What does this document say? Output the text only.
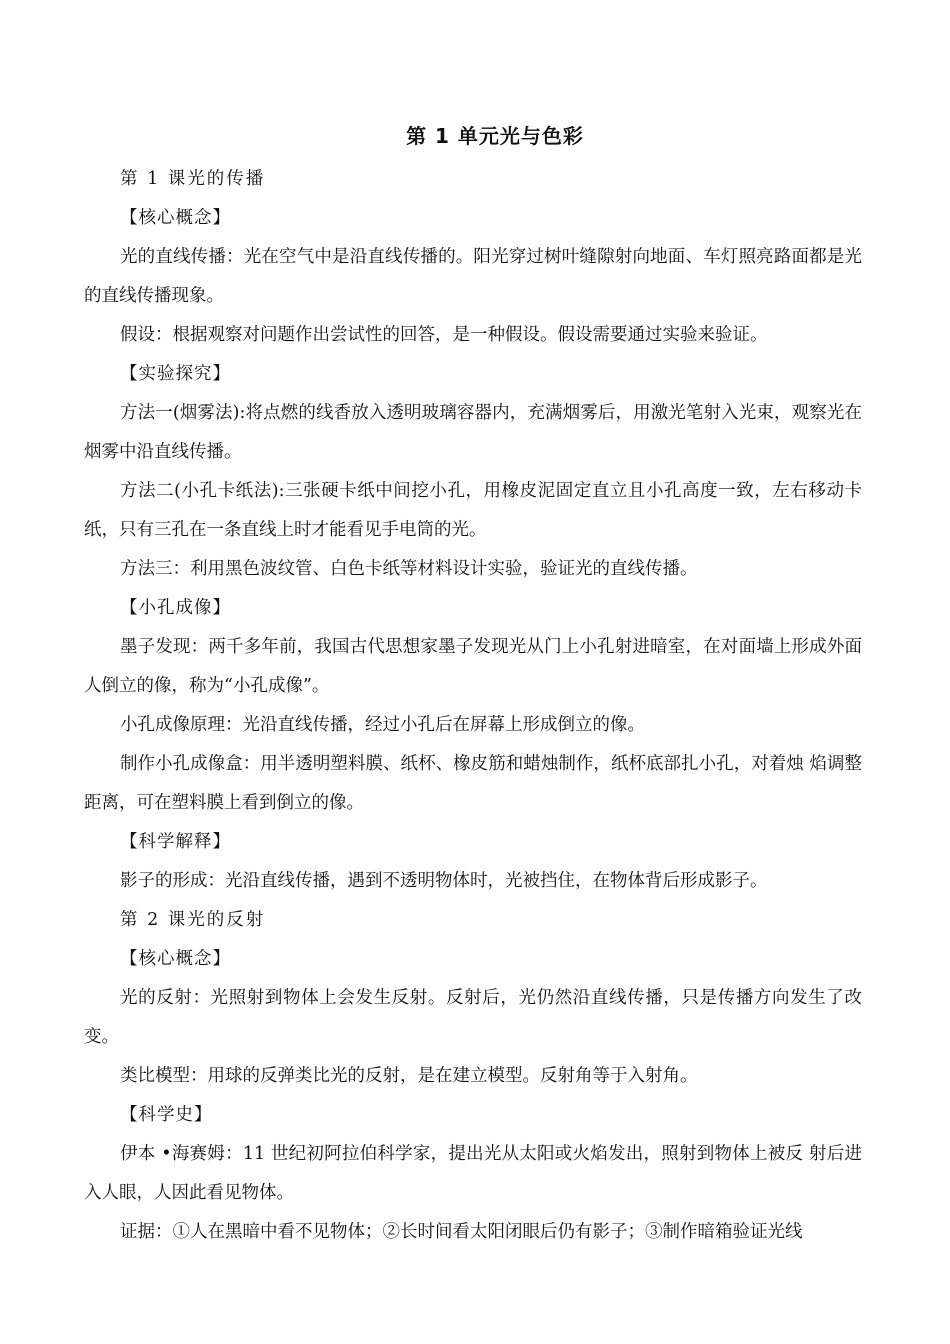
第 1 单元光与色彩

第 1 课光的传播

【核心概念】

光的直线传播：光在空气中是沿直线传播的。阳光穿过树叶缝隙射向地面、车灯照亮路面都是光的直线传播现象。

假设：根据观察对问题作出尝试性的回答，是一种假设。假设需要通过实验来验证。

【实验探究】

方法一(烟雾法):将点燃的线香放入透明玻璃容器内，充满烟雾后，用激光笔射入光束，观察光在烟雾中沿直线传播。

方法二(小孔卡纸法):三张硬卡纸中间挖小孔，用橡皮泥固定直立且小孔高度一致，左右移动卡纸，只有三孔在一条直线上时才能看见手电筒的光。

方法三：利用黑色波纹管、白色卡纸等材料设计实验，验证光的直线传播。

【小孔成像】

墨子发现：两千多年前，我国古代思想家墨子发现光从门上小孔射进暗室，在对面墙上形成外面人倒立的像，称为“小孔成像”。

小孔成像原理：光沿直线传播，经过小孔后在屏幕上形成倒立的像。

制作小孔成像盒：用半透明塑料膜、纸杯、橡皮筋和蜡烛制作，纸杯底部扎小孔，对着烛 焰调整距离，可在塑料膜上看到倒立的像。

【科学解释】

影子的形成：光沿直线传播，遇到不透明物体时，光被挡住，在物体背后形成影子。

第 2 课光的反射

【核心概念】

光的反射：光照射到物体上会发生反射。反射后，光仍然沿直线传播，只是传播方向发生了改变。

类比模型：用球的反弹类比光的反射，是在建立模型。反射角等于入射角。

【科学史】

伊本 •海赛姆：11 世纪初阿拉伯科学家，提出光从太阳或火焰发出，照射到物体上被反 射后进入人眼，人因此看见物体。

证据：①人在黑暗中看不见物体；②长时间看太阳闭眼后仍有影子；③制作暗箱验证光线
